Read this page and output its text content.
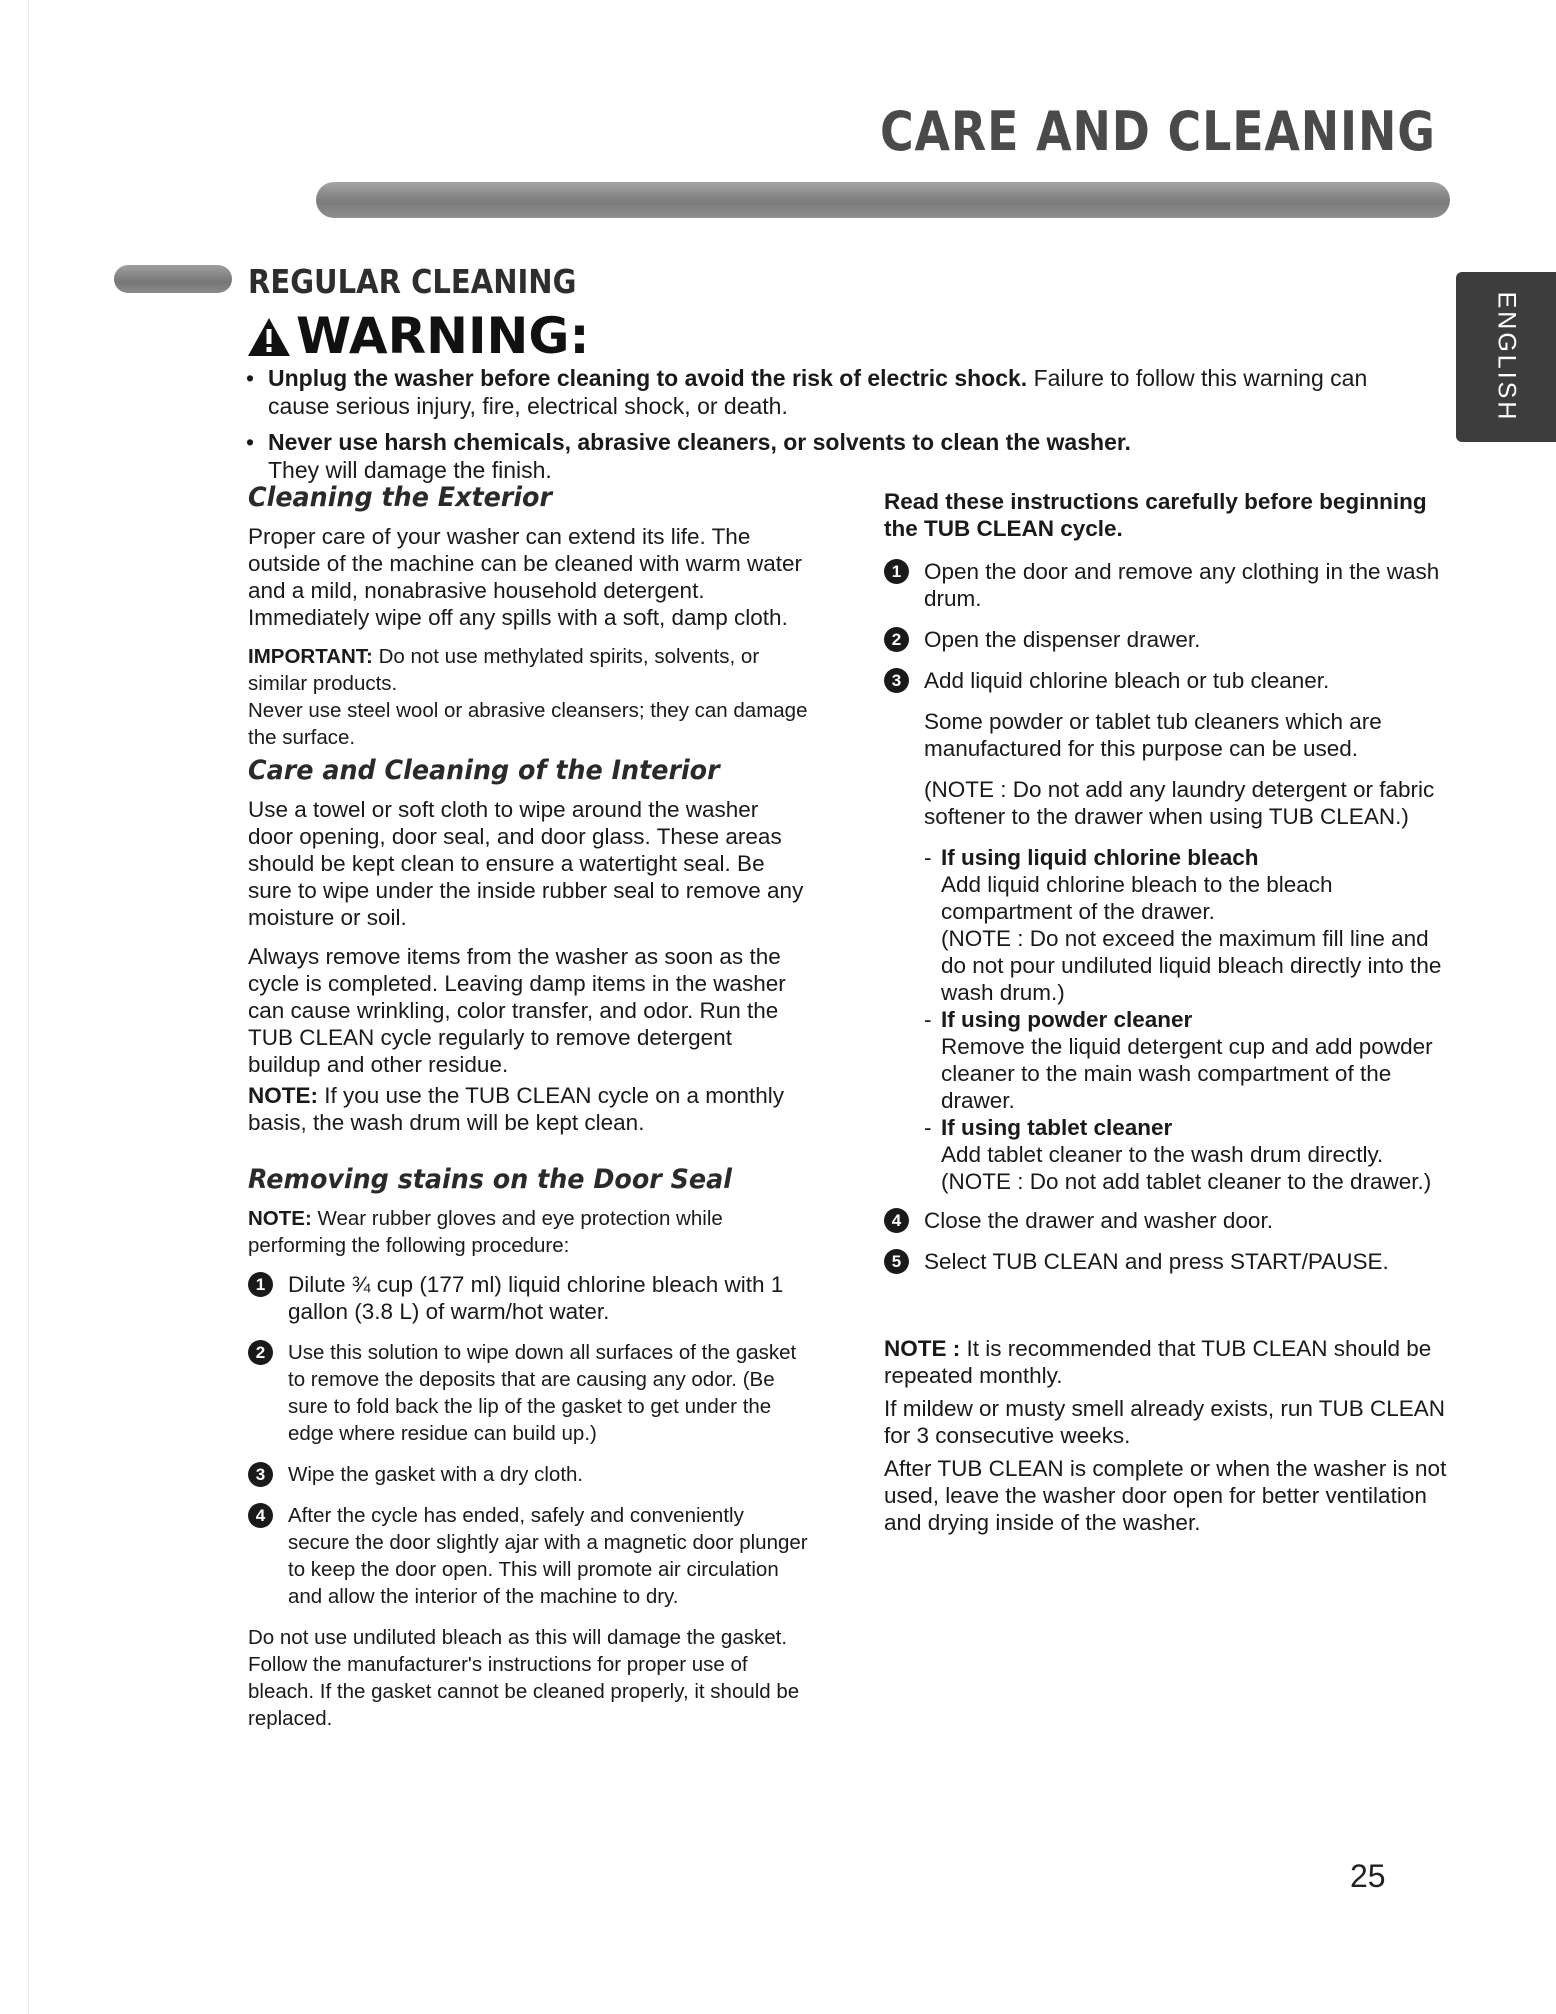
CARE AND CLEANING
ENGLISH
REGULAR CLEANING
WARNING:
• Unplug the washer before cleaning to avoid the risk of electric shock. Failure to follow this warning can cause serious injury, fire, electrical shock, or death.
• Never use harsh chemicals, abrasive cleaners, or solvents to clean the washer.
They will damage the finish.
Cleaning the Exterior

Proper care of your washer can extend its life. The outside of the machine can be cleaned with warm water and a mild, nonabrasive household detergent. Immediately wipe off any spills with a soft, damp cloth.

IMPORTANT: Do not use methylated spirits, solvents, or similar products.
Never use steel wool or abrasive cleansers; they can damage the surface.

Care and Cleaning of the Interior

Use a towel or soft cloth to wipe around the washer door opening, door seal, and door glass. These areas should be kept clean to ensure a watertight seal. Be sure to wipe under the inside rubber seal to remove any moisture or soil.

Always remove items from the washer as soon as the cycle is completed. Leaving damp items in the washer can cause wrinkling, color transfer, and odor. Run the TUB CLEAN cycle regularly to remove detergent buildup and other residue.

NOTE: If you use the TUB CLEAN cycle on a monthly basis, the wash drum will be kept clean.

Removing stains on the Door Seal

NOTE: Wear rubber gloves and eye protection while performing the following procedure:

1	Dilute ¾ cup (177 ml) liquid chlorine bleach with 1 gallon (3.8 L) of warm/hot water.
2	Use this solution to wipe down all surfaces of the gasket to remove the deposits that are causing any odor. (Be sure to fold back the lip of the gasket to get under the edge where residue can build up.)
3	Wipe the gasket with a dry cloth.
4	After the cycle has ended, safely and conveniently secure the door slightly ajar with a magnetic door plunger to keep the door open. This will promote air circulation and allow the interior of the machine to dry.

Do not use undiluted bleach as this will damage the gasket. Follow the manufacturer's instructions for proper use of bleach. If the gasket cannot be cleaned properly, it should be replaced.

Read these instructions carefully before beginning the TUB CLEAN cycle.

1	Open the door and remove any clothing in the wash drum.
2	Open the dispenser drawer.
3	Add liquid chlorine bleach or tub cleaner.

Some powder or tablet tub cleaners which are manufactured for this purpose can be used.

(NOTE : Do not add any laundry detergent or fabric softener to the drawer when using TUB CLEAN.)

- If using liquid chlorine bleach
Add liquid chlorine bleach to the bleach compartment of the drawer.
(NOTE : Do not exceed the maximum fill line and do not pour undiluted liquid bleach directly into the wash drum.)
- If using powder cleaner
Remove the liquid detergent cup and add powder cleaner to the main wash compartment of the drawer.
- If using tablet cleaner
Add tablet cleaner to the wash drum directly.
(NOTE : Do not add tablet cleaner to the drawer.)
4	Close the drawer and washer door.
5	Select TUB CLEAN and press START/PAUSE.

NOTE : It is recommended that TUB CLEAN should be repeated monthly.

If mildew or musty smell already exists, run TUB CLEAN for 3 consecutive weeks.

After TUB CLEAN is complete or when the washer is not used, leave the washer door open for better ventilation and drying inside of the washer.

25
